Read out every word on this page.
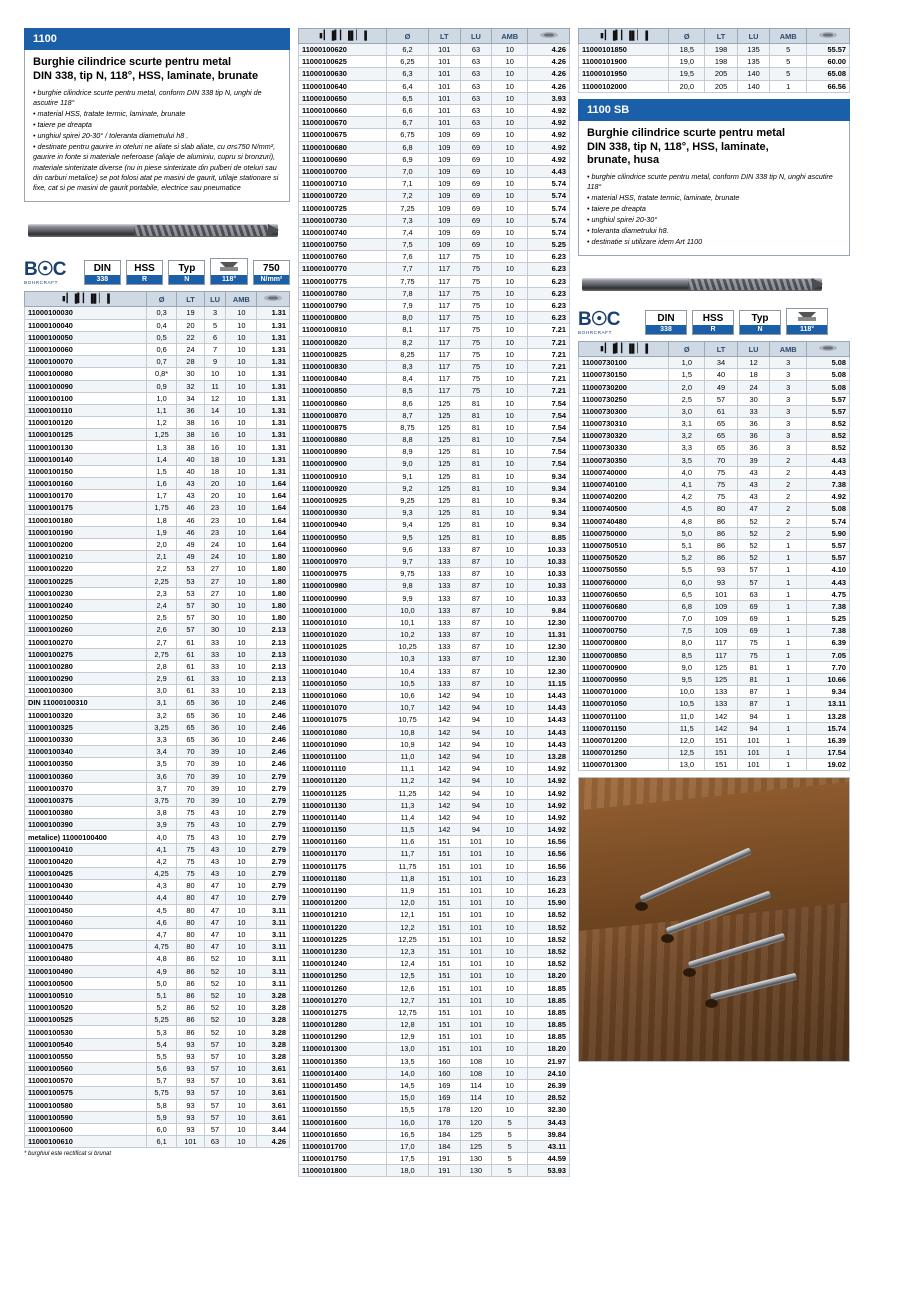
1100
Burghie cilindrice scurte pentru metal
DIN 338, tip N, 118°, HSS, laminate, brunate
• burghie cilindrice scurte pentru metal, conform DIN 338 tip N, unghi de ascutire 118°
• material HSS, tratate termic, laminate, brunate
• taiere pe dreapta
• unghiul spirei 20-30° / toleranta diametrului h8 .
• destinate pentru gaurire in oteluri ne aliate si slab aliate, cu σr≤750 N/mm², gaurire in fonte si materiale neferoase (aliaje de aluminiu, cupru si bronzuri), materiale sinterizate diverse (nu in piese sinterizate din pulberi de oteluri sau din carburi metalice) se pot folosi atat pe masini de gaurit, utilaje stationare si fixe, cat si pe masini de gaurit portabile, electrice sau pneumatice
B☉C
BOHRCRAFT
DIN
338
HSS
R
Typ
N	118°
750
N/mm²
▮▎▐▍▎▐▌▏▐	Ø	LT	LU	AMB	
11000100030	0,3	19	3	10	1.31
11000100040	0,4	20	5	10	1.31
11000100050	0,5	22	6	10	1.31
11000100060	0,6	24	7	10	1.31
11000100070	0,7	28	9	10	1.31
11000100080	0,8*	30	10	10	1.31
11000100090	0,9	32	11	10	1.31
11000100100	1,0	34	12	10	1.31
11000100110	1,1	36	14	10	1.31
11000100120	1,2	38	16	10	1.31
11000100125	1,25	38	16	10	1.31
11000100130	1,3	38	16	10	1.31
11000100140	1,4	40	18	10	1.31
11000100150	1,5	40	18	10	1.31
11000100160	1,6	43	20	10	1.64
11000100170	1,7	43	20	10	1.64
11000100175	1,75	46	23	10	1.64
11000100180	1,8	46	23	10	1.64
11000100190	1,9	46	23	10	1.64
11000100200	2,0	49	24	10	1.64
11000100210	2,1	49	24	10	1.80
11000100220	2,2	53	27	10	1.80
11000100225	2,25	53	27	10	1.80
11000100230	2,3	53	27	10	1.80
11000100240	2,4	57	30	10	1.80
11000100250	2,5	57	30	10	1.80
11000100260	2,6	57	30	10	2.13
11000100270	2,7	61	33	10	2.13
11000100275	2,75	61	33	10	2.13
11000100280	2,8	61	33	10	2.13
11000100290	2,9	61	33	10	2.13
11000100300	3,0	61	33	10	2.13
DIN 11000100310	3,1	65	36	10	2.46
11000100320	3,2	65	36	10	2.46
11000100325	3,25	65	36	10	2.46
11000100330	3,3	65	36	10	2.46
11000100340	3,4	70	39	10	2.46
11000100350	3,5	70	39	10	2.46
11000100360	3,6	70	39	10	2.79
11000100370	3,7	70	39	10	2.79
11000100375	3,75	70	39	10	2.79
11000100380	3,8	75	43	10	2.79
11000100390	3,9	75	43	10	2.79
metalice) 11000100400	4,0	75	43	10	2.79
11000100410	4,1	75	43	10	2.79
11000100420	4,2	75	43	10	2.79
11000100425	4,25	75	43	10	2.79
11000100430	4,3	80	47	10	2.79
11000100440	4,4	80	47	10	2.79
11000100450	4,5	80	47	10	3.11
11000100460	4,6	80	47	10	3.11
11000100470	4,7	80	47	10	3.11
11000100475	4,75	80	47	10	3.11
11000100480	4,8	86	52	10	3.11
11000100490	4,9	86	52	10	3.11
11000100500	5,0	86	52	10	3.11
11000100510	5,1	86	52	10	3.28
11000100520	5,2	86	52	10	3.28
11000100525	5,25	86	52	10	3.28
11000100530	5,3	86	52	10	3.28
11000100540	5,4	93	57	10	3.28
11000100550	5,5	93	57	10	3.28
11000100560	5,6	93	57	10	3.61
11000100570	5,7	93	57	10	3.61
11000100575	5,75	93	57	10	3.61
11000100580	5,8	93	57	10	3.61
11000100590	5,9	93	57	10	3.61
11000100600	6,0	93	57	10	3.44
11000100610	6,1	101	63	10	4.26
* burghiul este rectificat si brunat
▮▎▐▍▎▐▌▏▐	Ø	LT	LU	AMB	
11000100620	6,2	101	63	10	4.26
11000100625	6,25	101	63	10	4.26
11000100630	6,3	101	63	10	4.26
11000100640	6,4	101	63	10	4.26
11000100650	6,5	101	63	10	3.93
11000100660	6,6	101	63	10	4.92
11000100670	6,7	101	63	10	4.92
11000100675	6,75	109	69	10	4.92
11000100680	6,8	109	69	10	4.92
11000100690	6,9	109	69	10	4.92
11000100700	7,0	109	69	10	4.43
11000100710	7,1	109	69	10	5.74
11000100720	7,2	109	69	10	5.74
11000100725	7,25	109	69	10	5.74
11000100730	7,3	109	69	10	5.74
11000100740	7,4	109	69	10	5.74
11000100750	7,5	109	69	10	5.25
11000100760	7,6	117	75	10	6.23
11000100770	7,7	117	75	10	6.23
11000100775	7,75	117	75	10	6.23
11000100780	7,8	117	75	10	6.23
11000100790	7,9	117	75	10	6.23
11000100800	8,0	117	75	10	6.23
11000100810	8,1	117	75	10	7.21
11000100820	8,2	117	75	10	7.21
11000100825	8,25	117	75	10	7.21
11000100830	8,3	117	75	10	7.21
11000100840	8,4	117	75	10	7.21
11000100850	8,5	117	75	10	7.21
11000100860	8,6	125	81	10	7.54
11000100870	8,7	125	81	10	7.54
11000100875	8,75	125	81	10	7.54
11000100880	8,8	125	81	10	7.54
11000100890	8,9	125	81	10	7.54
11000100900	9,0	125	81	10	7.54
11000100910	9,1	125	81	10	9.34
11000100920	9,2	125	81	10	9.34
11000100925	9,25	125	81	10	9.34
11000100930	9,3	125	81	10	9.34
11000100940	9,4	125	81	10	9.34
11000100950	9,5	125	81	10	8.85
11000100960	9,6	133	87	10	10.33
11000100970	9,7	133	87	10	10.33
11000100975	9,75	133	87	10	10.33
11000100980	9,8	133	87	10	10.33
11000100990	9,9	133	87	10	10.33
11000101000	10,0	133	87	10	9.84
11000101010	10,1	133	87	10	12.30
11000101020	10,2	133	87	10	11.31
11000101025	10,25	133	87	10	12.30
11000101030	10,3	133	87	10	12.30
11000101040	10,4	133	87	10	12.30
11000101050	10,5	133	87	10	11.15
11000101060	10,6	142	94	10	14.43
11000101070	10,7	142	94	10	14.43
11000101075	10,75	142	94	10	14.43
11000101080	10,8	142	94	10	14.43
11000101090	10,9	142	94	10	14.43
11000101100	11,0	142	94	10	13.28
11000101110	11,1	142	94	10	14.92
11000101120	11,2	142	94	10	14.92
11000101125	11,25	142	94	10	14.92
11000101130	11,3	142	94	10	14.92
11000101140	11,4	142	94	10	14.92
11000101150	11,5	142	94	10	14.92
11000101160	11,6	151	101	10	16.56
11000101170	11,7	151	101	10	16.56
11000101175	11,75	151	101	10	16.56
11000101180	11,8	151	101	10	16.23
11000101190	11,9	151	101	10	16.23
11000101200	12,0	151	101	10	15.90
11000101210	12,1	151	101	10	18.52
11000101220	12,2	151	101	10	18.52
11000101225	12,25	151	101	10	18.52
11000101230	12,3	151	101	10	18.52
11000101240	12,4	151	101	10	18.52
11000101250	12,5	151	101	10	18.20
11000101260	12,6	151	101	10	18.85
11000101270	12,7	151	101	10	18.85
11000101275	12,75	151	101	10	18.85
11000101280	12,8	151	101	10	18.85
11000101290	12,9	151	101	10	18.85
11000101300	13,0	151	101	10	18.20
11000101350	13,5	160	108	10	21.97
11000101400	14,0	160	108	10	24.10
11000101450	14,5	169	114	10	26.39
11000101500	15,0	169	114	10	28.52
11000101550	15,5	178	120	10	32.30
11000101600	16,0	178	120	5	34.43
11000101650	16,5	184	125	5	39.84
11000101700	17,0	184	125	5	43.11
11000101750	17,5	191	130	5	44.59
11000101800	18,0	191	130	5	53.93
▮▎▐▍▎▐▌▏▐	Ø	LT	LU	AMB	
11000101850	18,5	198	135	5	55.57
11000101900	19,0	198	135	5	60.00
11000101950	19,5	205	140	5	65.08
11000102000	20,0	205	140	1	66.56
1100 SB
Burghie cilindrice scurte pentru metal
DIN 338, tip N, 118°, HSS, laminate,
brunate, husa
• burghie cilindrice scurte pentru metal, conform DIN 338 tip N, unghi ascutire 118°
• material HSS, tratate termic, laminate, brunate
• taiere pe dreapta
• unghiul spirei 20-30°
• toleranta diametrului h8.
• destinatie si utilizare idem Art 1100
B☉C
BOHRCRAFT
DIN
338
HSS
R
Typ
N	118°
▮▎▐▍▎▐▌▏▐	Ø	LT	LU	AMB	
11000730100	1,0	34	12	3	5.08
11000730150	1,5	40	18	3	5.08
11000730200	2,0	49	24	3	5.08
11000730250	2,5	57	30	3	5.57
11000730300	3,0	61	33	3	5.57
11000730310	3,1	65	36	3	8.52
11000730320	3,2	65	36	3	8.52
11000730330	3,3	65	36	3	8.52
11000730350	3,5	70	39	2	4.43
11000740000	4,0	75	43	2	4.43
11000740100	4,1	75	43	2	7.38
11000740200	4,2	75	43	2	4.92
11000740500	4,5	80	47	2	5.08
11000740480	4,8	86	52	2	5.74
11000750000	5,0	86	52	2	5.90
11000750510	5,1	86	52	1	5.57
11000750520	5,2	86	52	1	5.57
11000750550	5,5	93	57	1	4.10
11000760000	6,0	93	57	1	4.43
11000760650	6,5	101	63	1	4.75
11000760680	6,8	109	69	1	7.38
11000700700	7,0	109	69	1	5.25
11000700750	7,5	109	69	1	7.38
11000700800	8,0	117	75	1	6.39
11000700850	8,5	117	75	1	7.05
11000700900	9,0	125	81	1	7.70
11000700950	9,5	125	81	1	10.66
11000701000	10,0	133	87	1	9.34
11000701050	10,5	133	87	1	13.11
11000701100	11,0	142	94	1	13.28
11000701150	11,5	142	94	1	15.74
11000701200	12,0	151	101	1	16.39
11000701250	12,5	151	101	1	17.54
11000701300	13,0	151	101	1	19.02
